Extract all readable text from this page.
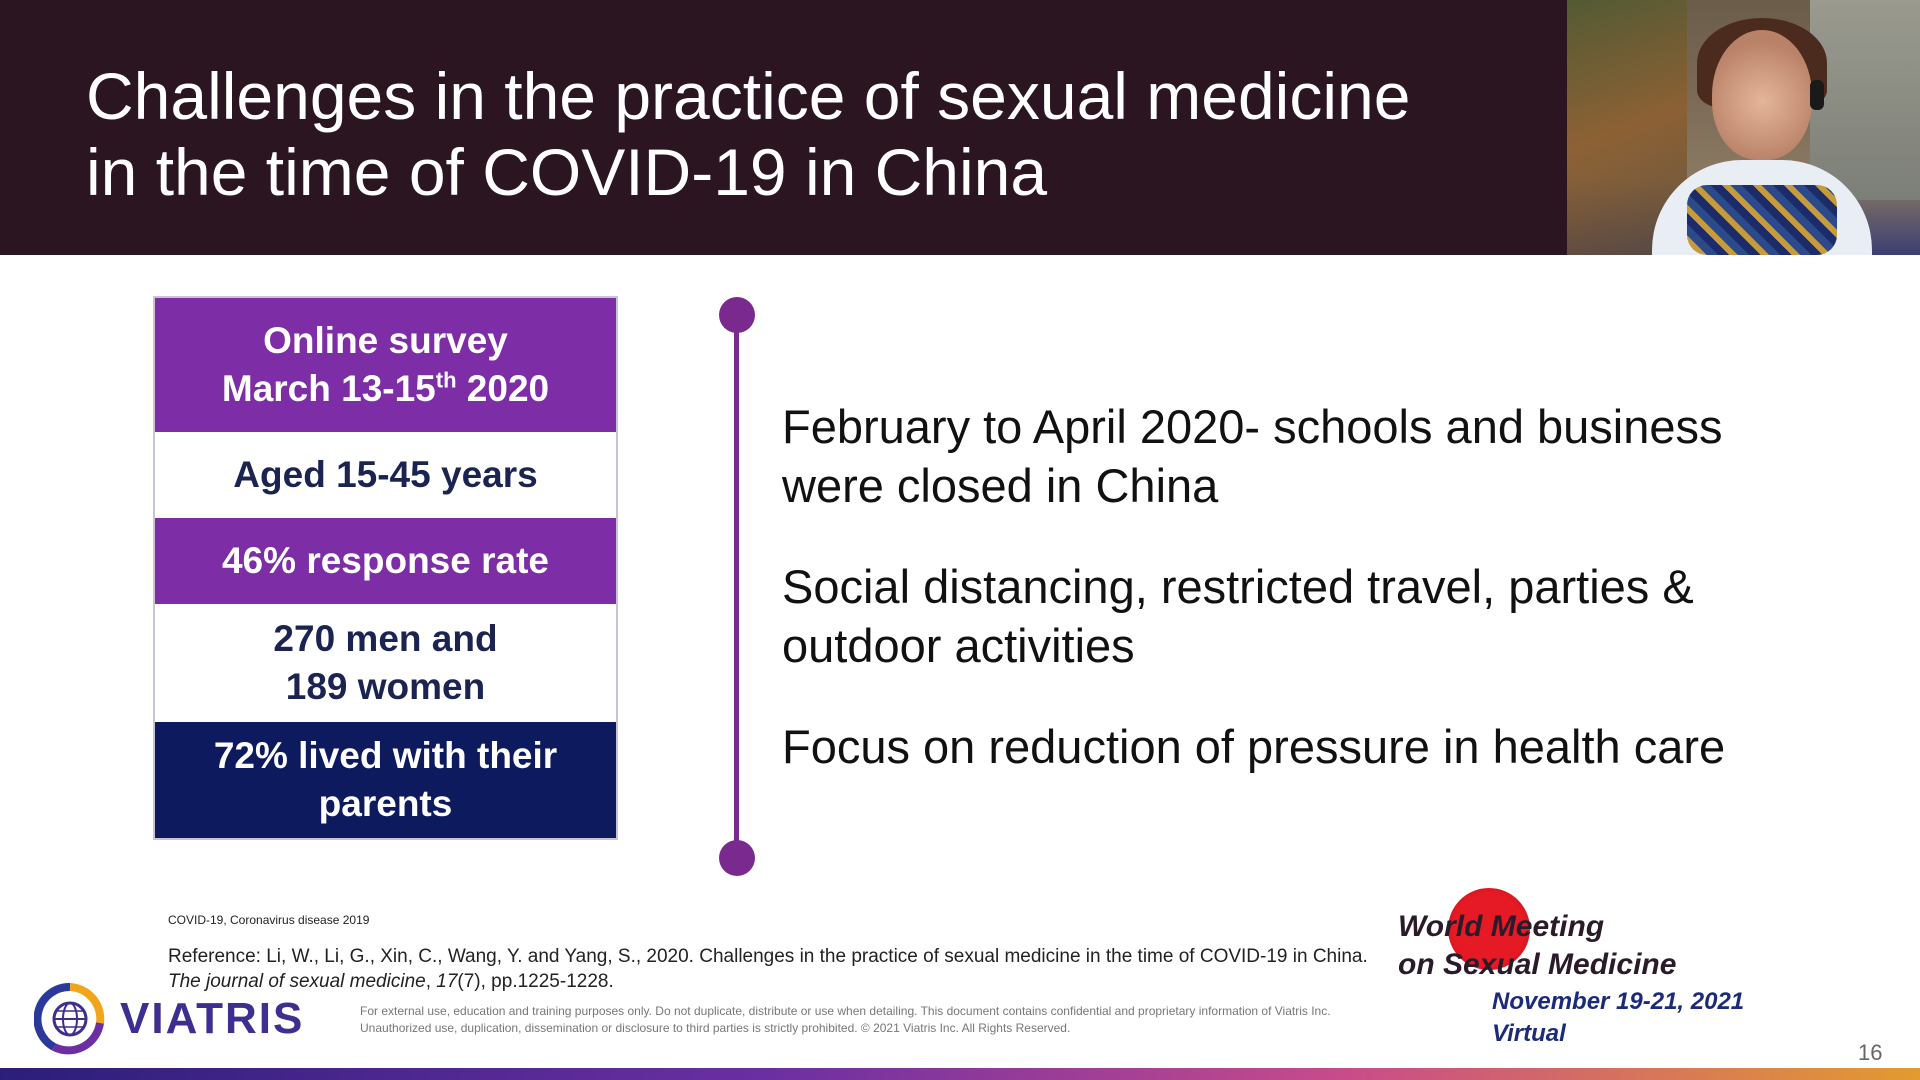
Challenges in the practice of sexual medicine
in the time of COVID-19 in China
Online survey
March 13-15th 2020
Aged 15-45 years
46% response rate
270 men and
189 women
72% lived with their
parents
February to April 2020- schools and business
were closed in China
Social distancing, restricted travel, parties &
outdoor activities
Focus on reduction of pressure in health care
COVID-19, Coronavirus disease 2019
Reference: Li, W., Li, G., Xin, C., Wang, Y. and Yang, S., 2020. Challenges in the practice of sexual medicine in the time of COVID-19 in China. The journal of sexual medicine, 17(7), pp.1225-1228.
For external use, education and training purposes only. Do not duplicate, distribute or use when detailing. This document contains confidential and proprietary information of Viatris Inc. Unauthorized use, duplication, dissemination or disclosure to third parties is strictly prohibited. © 2021 Viatris Inc. All Rights Reserved.
VIATRIS
World Meeting
on Sexual Medicine
November 19-21, 2021
Virtual
16
